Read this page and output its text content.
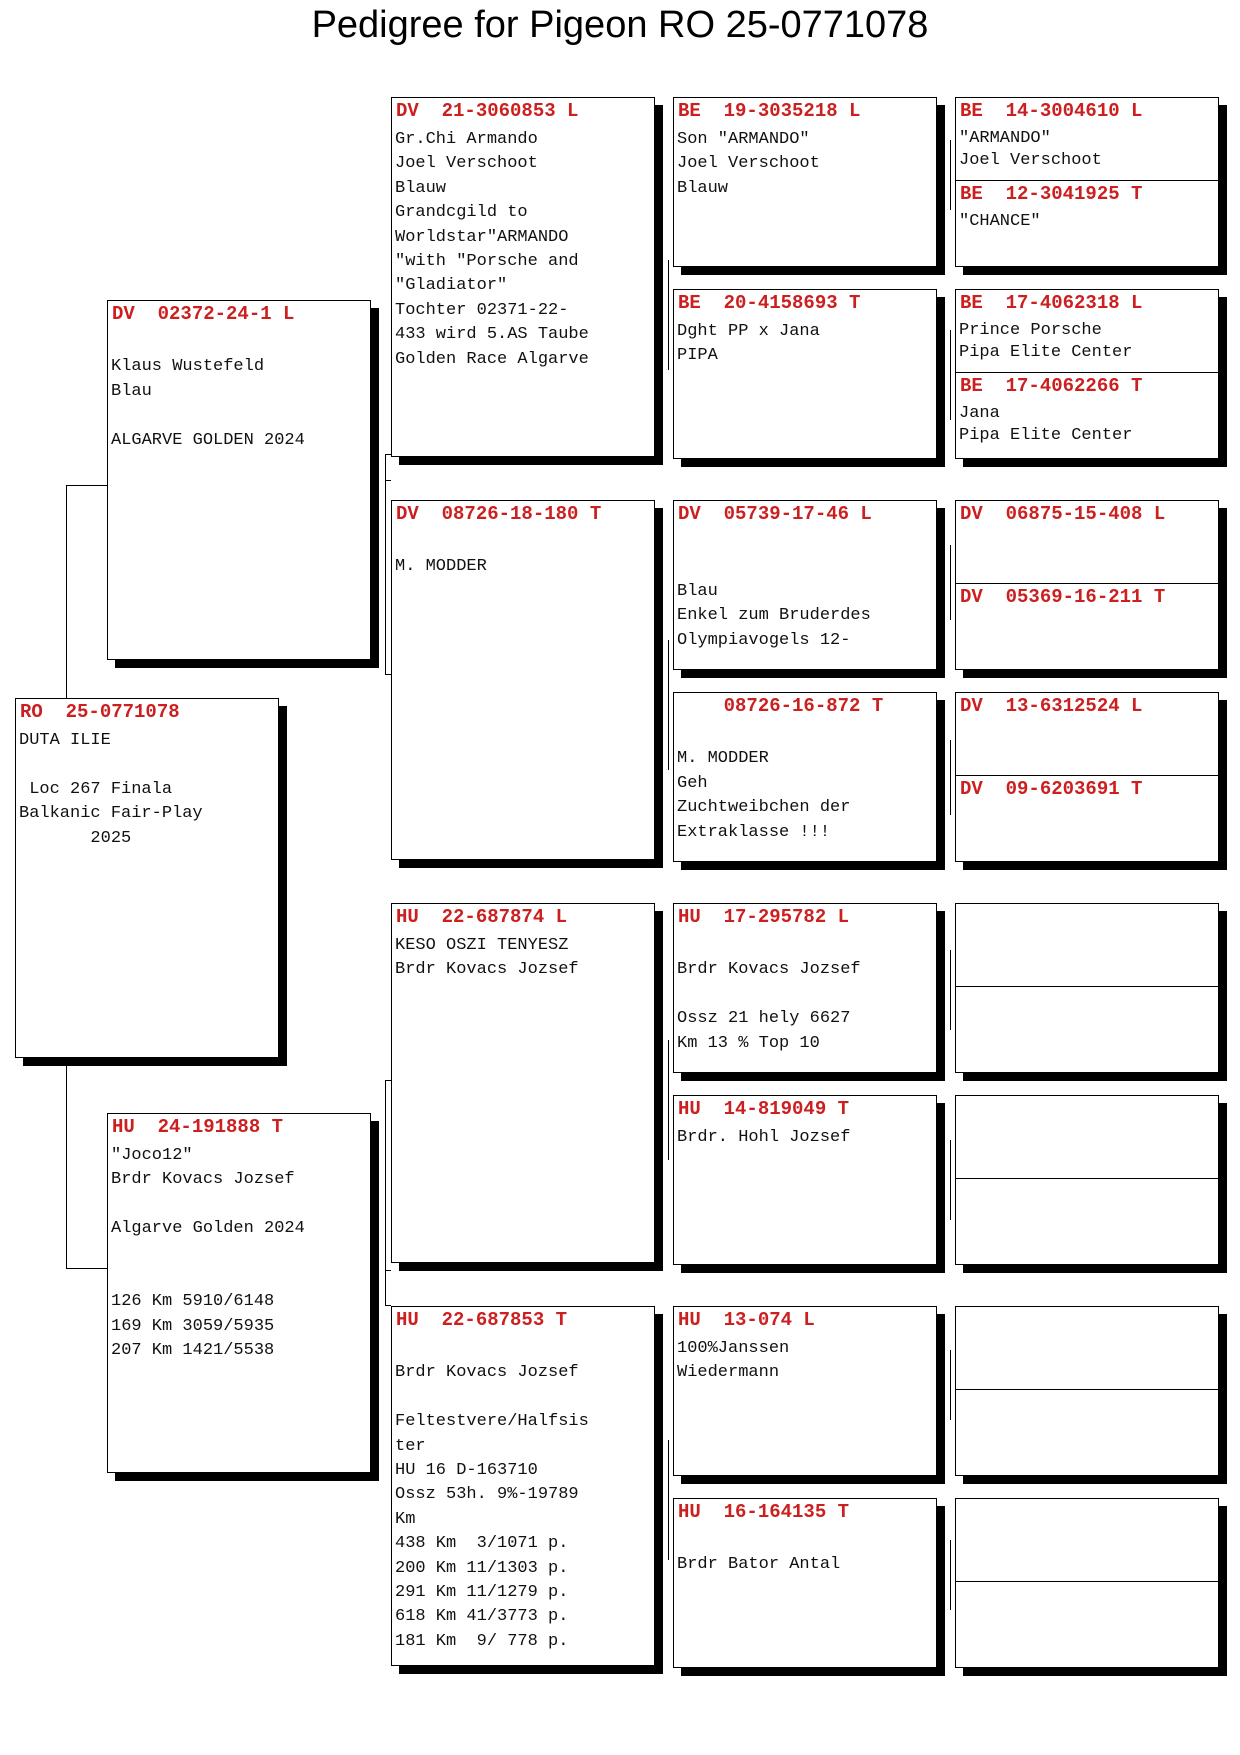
Pedigree for Pigeon RO 25-0771078
RO  25-0771078
DUTA ILIE

Loc 267 Finala
Balkanic Fair-Play
2025
DV  02372-24-1 L

Klaus Wustefeld
Blau

ALGARVE GOLDEN 2024
HU  24-191888 T
"Joco12"
Brdr Kovacs Jozsef

Algarve Golden 2024

126 Km 5910/6148
169 Km 3059/5935
207 Km 1421/5538
DV  21-3060853 L
Gr.Chi Armando
Joel Verschoot
Blauw
Grandcgild to
Worldstar"ARMANDO
"with "Porsche and
"Gladiator"
Tochter 02371-22-
433 wird 5.AS Taube
Golden Race Algarve
DV  08726-18-180 T

M. MODDER
HU  22-687874 L
KESO OSZI TENYESZ
Brdr Kovacs Jozsef
HU  22-687853 T

Brdr Kovacs Jozsef

Feltestvere/Halfsis
ter
HU 16 D-163710
Ossz 53h. 9%-19789
Km
438 Km  3/1071 p.
200 Km 11/1303 p.
291 Km 11/1279 p.
618 Km 41/3773 p.
181 Km  9/ 778 p.
BE  19-3035218 L
Son "ARMANDO"
Joel Verschoot
Blauw
BE  20-4158693 T
Dght PP x Jana
PIPA
DV  05739-17-46 L

Blau
Enkel zum Bruderdes
Olympiavogels 12-
08726-16-872 T

M. MODDER
Geh
Zuchtweibchen der
Extraklasse !!!
HU  17-295782 L

Brdr Kovacs Jozsef

Ossz 21 hely 6627
Km 13 % Top 10
HU  14-819049 T
Brdr. Hohl Jozsef
HU  13-074 L
100%Janssen
Wiedermann
HU  16-164135 T

Brdr Bator Antal
BE  14-3004610 L
"ARMANDO"
Joel Verschoot
BE  12-3041925 T
"CHANCE"
BE  17-4062318 L
Prince Porsche
Pipa Elite Center
BE  17-4062266 T
Jana
Pipa Elite Center
DV  06875-15-408 L
DV  05369-16-211 T
DV  13-6312524 L
DV  09-6203691 T
